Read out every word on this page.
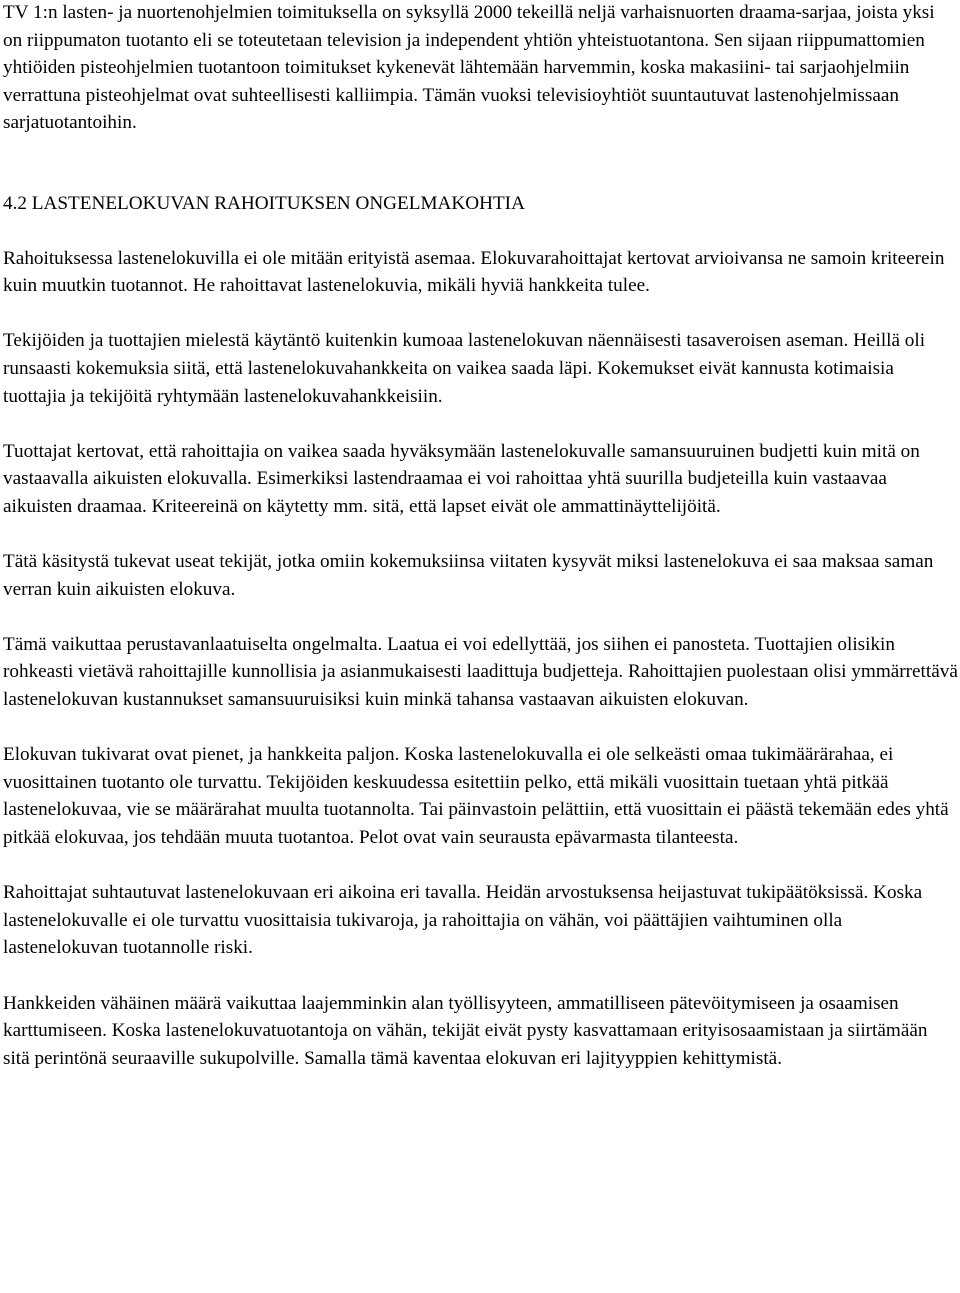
TV 1:n lasten- ja nuortenohjelmien toimituksella on syksyllä 2000 tekeillä neljä varhaisnuorten draama-sarjaa, joista yksi on riippumaton tuotanto eli se toteutetaan television ja independent yhtiön yhteistuotantona. Sen sijaan riippumattomien yhtiöiden pisteohjelmien tuotantoon toimitukset kykenevät lähtemään harvemmin, koska makasiini- tai sarjaohjelmiin verrattuna pisteohjelmat ovat suhteellisesti kalliimpia. Tämän vuoksi televisioyhtiöt suuntautuvat lastenohjelmissaan sarjatuotantoihin.

4.2 LASTENELOKUVAN RAHOITUKSEN ONGELMAKOHTIA

Rahoituksessa lastenelokuvilla ei ole mitään erityistä asemaa. Elokuvarahoittajat kertovat arvioivansa ne samoin kriteerein kuin muutkin tuotannot. He rahoittavat lastenelokuvia, mikäli hyviä hankkeita tulee.

Tekijöiden ja tuottajien mielestä käytäntö kuitenkin kumoaa lastenelokuvan näennäisesti tasaveroisen aseman. Heillä oli runsaasti kokemuksia siitä, että lastenelokuvahankkeita on vaikea saada läpi. Kokemukset eivät kannusta kotimaisia tuottajia ja tekijöitä ryhtymään lastenelokuvahankkeisiin.

Tuottajat kertovat, että rahoittajia on vaikea saada hyväksymään lastenelokuvalle samansuuruinen budjetti kuin mitä on vastaavalla aikuisten elokuvalla. Esimerkiksi lastendraamaa ei voi rahoittaa yhtä suurilla budjeteilla kuin vastaavaa aikuisten draamaa. Kriteereinä on käytetty mm. sitä, että lapset eivät ole ammattinäyttelijöitä.

Tätä käsitystä tukevat useat tekijät, jotka omiin kokemuksiinsa viitaten kysyvät miksi lastenelokuva ei saa maksaa saman verran kuin aikuisten elokuva.

Tämä vaikuttaa perustavanlaatuiselta ongelmalta. Laatua ei voi edellyttää, jos siihen ei panosteta. Tuottajien olisikin rohkeasti vietävä rahoittajille kunnollisia ja asianmukaisesti laadittuja budjetteja. Rahoittajien puolestaan olisi ymmärrettävä lastenelokuvan kustannukset samansuuruisiksi kuin minkä tahansa vastaavan aikuisten elokuvan.

Elokuvan tukivarat ovat pienet, ja hankkeita paljon. Koska lastenelokuvalla ei ole selkeästi omaa tukimäärärahaa, ei vuosittainen tuotanto ole turvattu. Tekijöiden keskuudessa esitettiin pelko, että mikäli vuosittain tuetaan yhtä pitkää lastenelokuvaa, vie se määrärahat muulta tuotannolta. Tai päinvastoin pelättiin, että vuosittain ei päästä tekemään edes yhtä pitkää elokuvaa, jos tehdään muuta tuotantoa. Pelot ovat vain seurausta epävarmasta tilanteesta.

Rahoittajat suhtautuvat lastenelokuvaan eri aikoina eri tavalla. Heidän arvostuksensa heijastuvat tukipäätöksissä. Koska lastenelokuvalle ei ole turvattu vuosittaisia tukivaroja, ja rahoittajia on vähän, voi päättäjien vaihtuminen olla lastenelokuvan tuotannolle riski.

Hankkeiden vähäinen määrä vaikuttaa laajemminkin alan työllisyyteen, ammatilliseen pätevöitymiseen ja osaamisen karttumiseen. Koska lastenelokuvatuotantoja on vähän, tekijät eivät pysty kasvattamaan erityisosaamistaan ja siirtämään sitä perintönä seuraaville sukupolville. Samalla tämä kaventaa elokuvan eri lajityyppien kehittymistä.
